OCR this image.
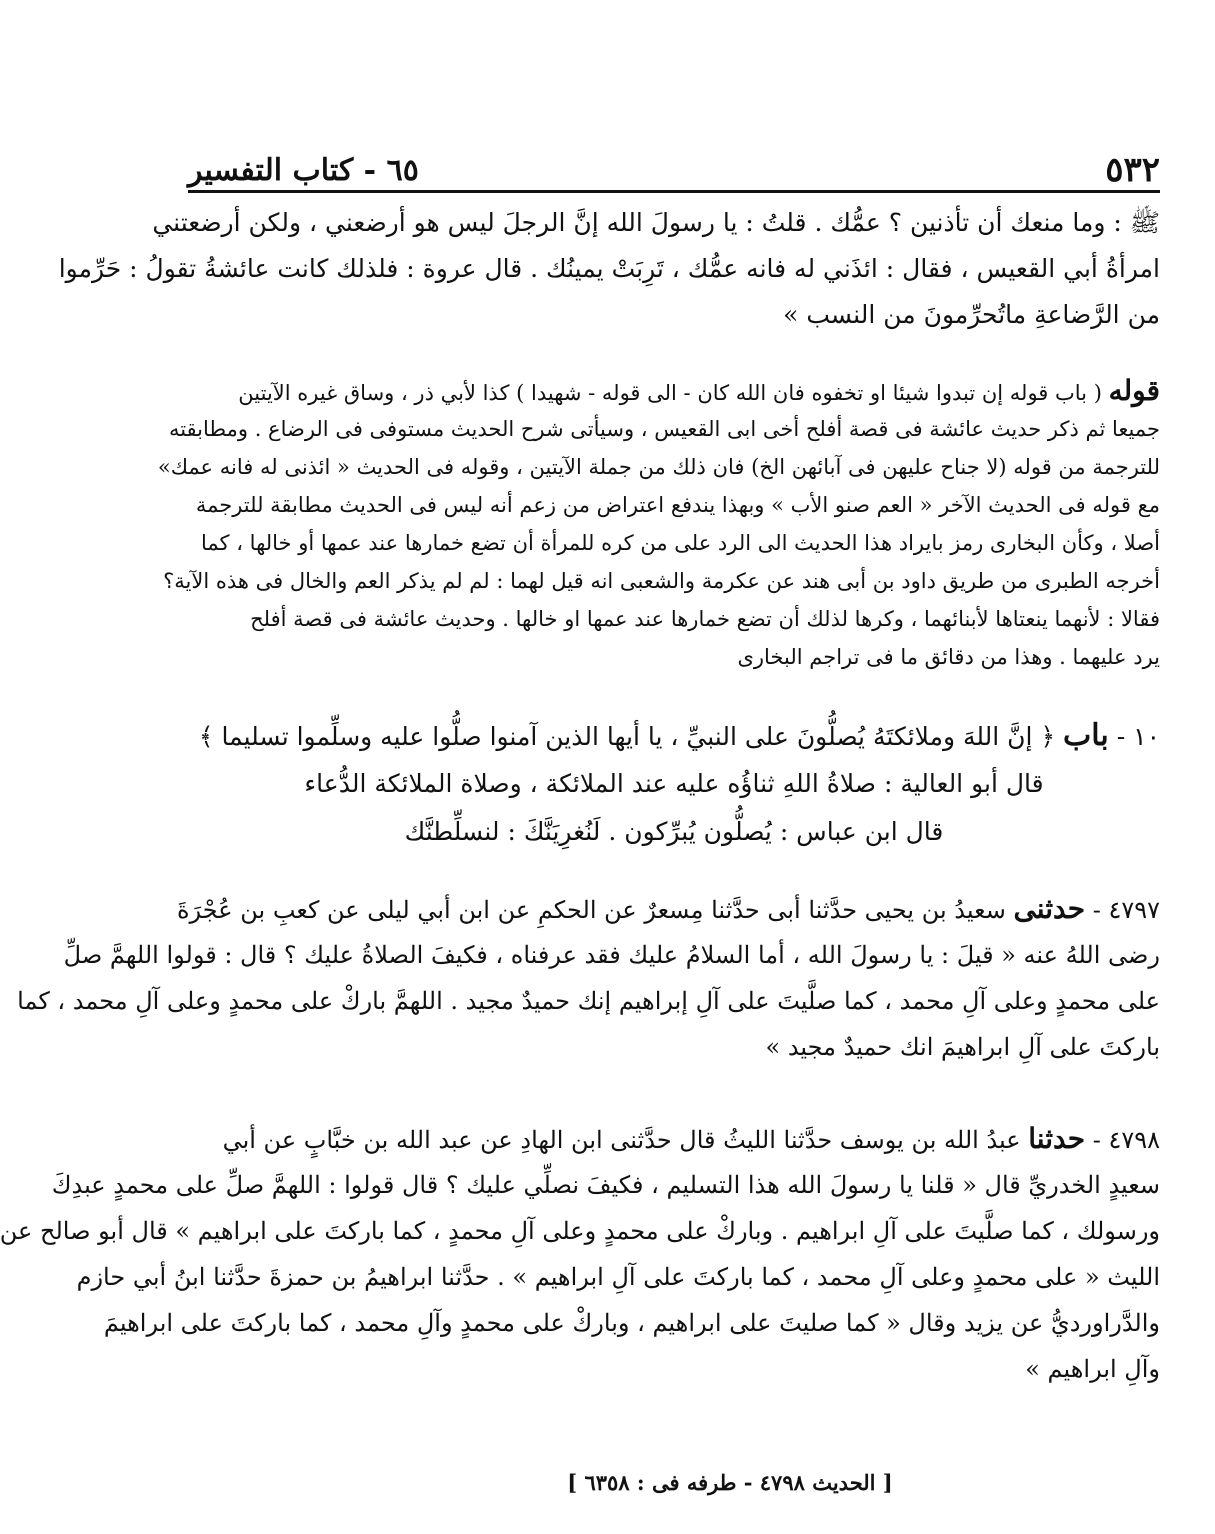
٥٣٢
٦٥ - كتاب التفسير
ﷺ : وما منعك أن تأذنين ؟ عمُّك . قلتُ : يا رسولَ الله إنَّ الرجلَ ليس هو أرضعني ، ولكن أرضعتني
امرأةُ أبي القعيس ، فقال : ائذَني له فانه عمُّك ، تَرِبَتْ يمينُك . قال عروة : فلذلك كانت عائشةُ تقولُ : حَرِّموا
من الرَّضاعةِ ماتُحرِّمونَ من النسب »
قوله ( باب قوله إن تبدوا شيئا او تخفوه فان الله كان - الى قوله - شهيدا ) كذا لأبي ذر ، وساق غيره الآيتين
جميعا ثم ذكر حديث عائشة فى قصة أفلح أخى ابى القعيس ، وسيأتى شرح الحديث مستوفى فى الرضاع . ومطابقته
للترجمة من قوله (لا جناح عليهن فى آبائهن الخ) فان ذلك من جملة الآيتين ، وقوله فى الحديث « ائذنى له فانه عمك»
مع قوله فى الحديث الآخر « العم صنو الأب » وبهذا يندفع اعتراض من زعم أنه ليس فى الحديث مطابقة للترجمة
أصلا ، وكأن البخارى رمز بايراد هذا الحديث الى الرد على من كره للمرأة أن تضع خمارها عند عمها أو خالها ، كما
أخرجه الطبرى من طريق داود بن أبى هند عن عكرمة والشعبى انه قيل لهما : لم لم يذكر العم والخال فى هذه الآية؟
فقالا : لأنهما ينعتاها لأبنائهما ، وكرها لذلك أن تضع خمارها عند عمها او خالها . وحديث عائشة فى قصة أفلح
يرد عليهما . وهذا من دقائق ما فى تراجم البخارى
١٠ - باب ﴿ إنَّ اللهَ وملائكتَهُ يُصلُّونَ على النبيِّ ، يا أيها الذين آمنوا صلُّوا عليه وسلِّموا تسليما ﴾
قال أبو العالية : صلاةُ اللهِ ثناؤُه عليه عند الملائكة ، وصلاة الملائكة الدُّعاء
قال ابن عباس : يُصلُّون يُبرِّكون . لَنُغرِيَنَّكَ : لنسلِّطنَّك
٤٧٩٧ - حدثنى سعيدُ بن يحيى حدَّثنا أبى حدَّثنا مِسعرٌ عن الحكمِ عن ابن أبي ليلى عن كعبِ بن عُجْرَةَ
رضى اللهُ عنه « قيلَ : يا رسولَ الله ، أما السلامُ عليك فقد عرفناه ، فكيفَ الصلاةُ عليك ؟ قال : قولوا اللهمَّ صلِّ
على محمدٍ وعلى آلِ محمد ، كما صلَّيتَ على آلِ إبراهيم إنك حميدٌ مجيد . اللهمَّ باركْ على محمدٍ وعلى آلِ محمد ، كما
باركتَ على آلِ ابراهيمَ انك حميدٌ مجيد »
٤٧٩٨ - حدثنا عبدُ الله بن يوسف حدَّثنا الليثُ قال حدَّثنى ابن الهادِ عن عبد الله بن خبَّابٍ عن أبي
سعيدٍ الخدريِّ قال « قلنا يا رسولَ الله هذا التسليم ، فكيفَ نصلِّي عليك ؟ قال قولوا : اللهمَّ صلِّ على محمدٍ عبدِكَ
ورسولك ، كما صلَّيتَ على آلِ ابراهيم . وباركْ على محمدٍ وعلى آلِ محمدٍ ، كما باركتَ على ابراهيم » قال أبو صالح عن
الليث « على محمدٍ وعلى آلِ محمد ، كما باركتَ على آلِ ابراهيم » . حدَّثنا ابراهيمُ بن حمزةَ حدَّثنا ابنُ أبي حازم
والدَّراورديُّ عن يزيد وقال « كما صليتَ على ابراهيم ، وباركْ على محمدٍ وآلِ محمد ، كما باركتَ على ابراهيمَ
وآلِ ابراهيم »
[ الحديث ٤٧٩٨ - طرفه فى : ٦٣٥٨ ]
